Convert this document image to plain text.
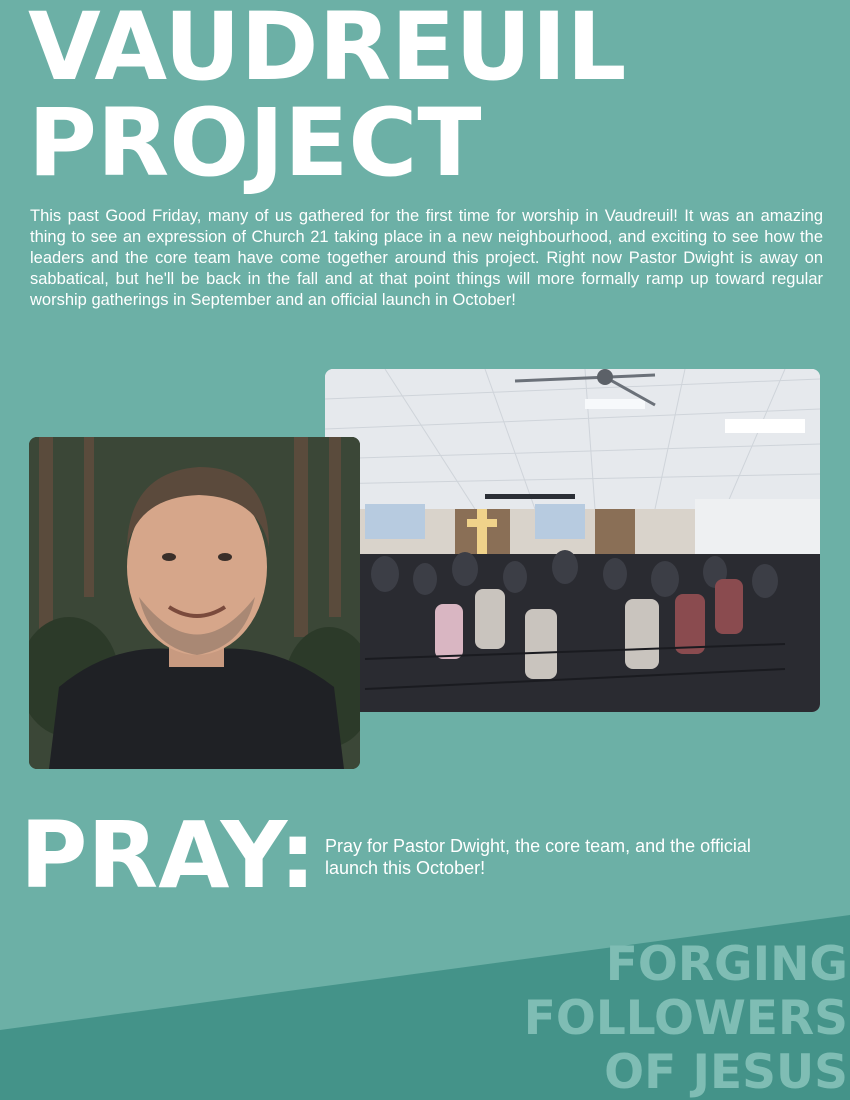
VAUDREUIL
PROJECT

This past Good Friday, many of us gathered for the first time for worship in Vaudreuil! It was an amazing thing to see an expression of Church 21 taking place in a new neighbourhood, and exciting to see how the leaders and the core team have come together around this project. Right now Pastor Dwight is away on sabbatical, but he'll be back in the fall and at that point things will more formally ramp up toward regular worship gatherings in September and an official launch in October!

PRAY: Pray for Pastor Dwight, the core team, and the official launch this October!

FORGING
FOLLOWERS
OF JESUS
